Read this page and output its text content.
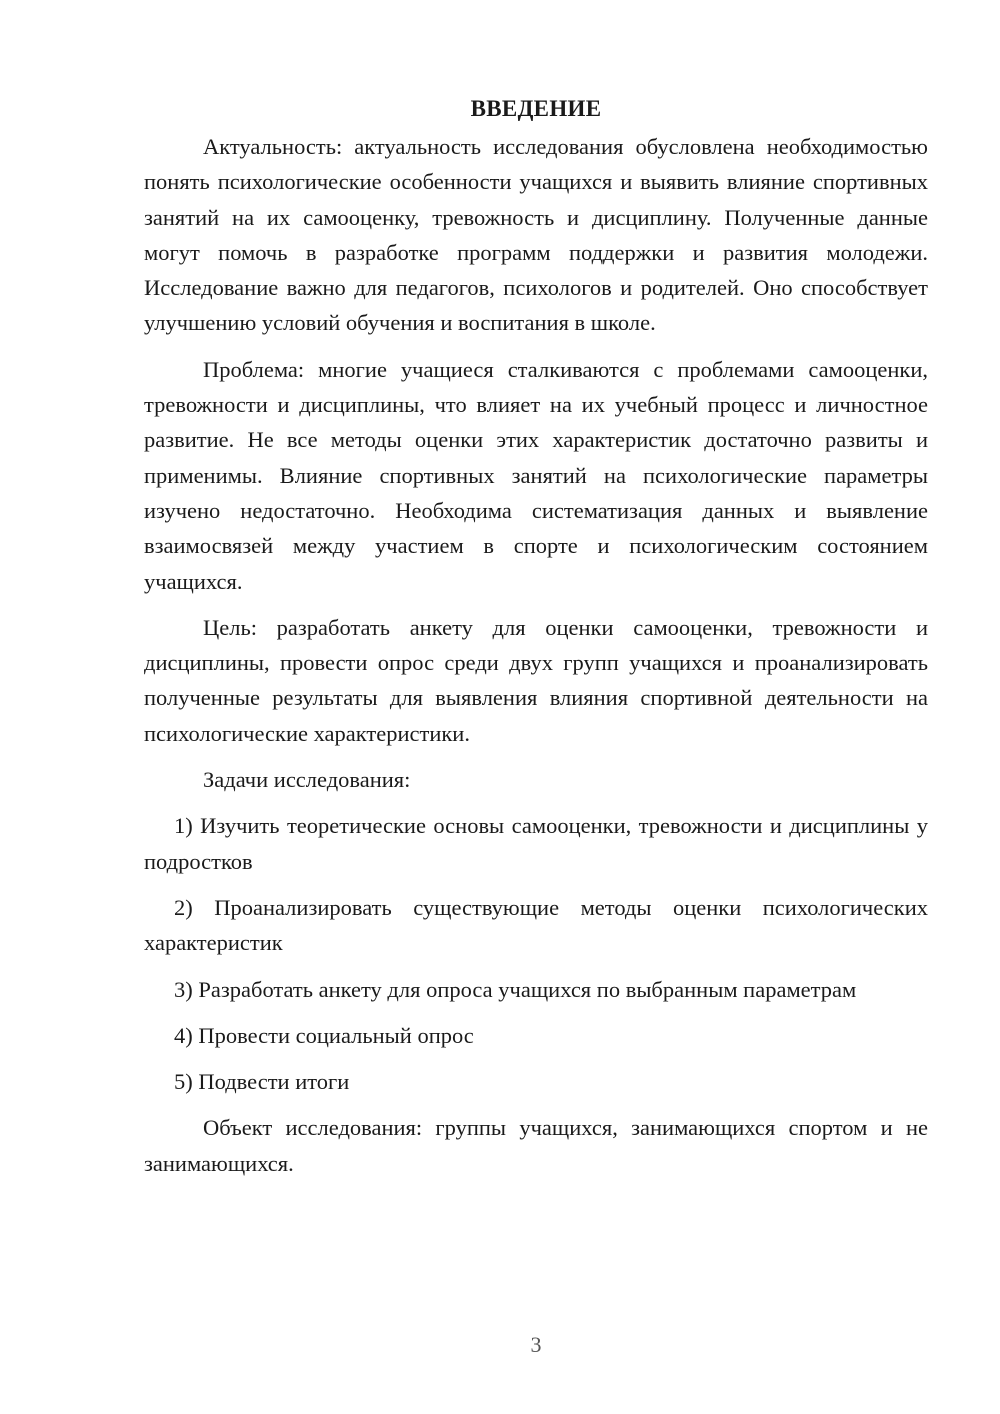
ВВЕДЕНИЕ

Актуальность: актуальность исследования обусловлена необходимостью понять психологические особенности учащихся и выявить влияние спортивных занятий на их самооценку, тревожность и дисциплину. Полученные данные могут помочь в разработке программ поддержки и развития молодежи. Исследование важно для педагогов, психологов и родителей. Оно способствует улучшению условий обучения и воспитания в школе.

Проблема: многие учащиеся сталкиваются с проблемами самооценки, тревожности и дисциплины, что влияет на их учебный процесс и личностное развитие. Не все методы оценки этих характеристик достаточно развиты и применимы. Влияние спортивных занятий на психологические параметры изучено недостаточно. Необходима систематизация данных и выявление взаимосвязей между участием в спорте и психологическим состоянием учащихся.

Цель: разработать анкету для оценки самооценки, тревожности и дисциплины, провести опрос среди двух групп учащихся и проанализировать полученные результаты для выявления влияния спортивной деятельности на психологические характеристики.

Задачи исследования:

1) Изучить теоретические основы самооценки, тревожности и дисциплины у подростков

2) Проанализировать существующие методы оценки психологических характеристик

3) Разработать анкету для опроса учащихся по выбранным параметрам

4) Провести социальный опрос

5) Подвести итоги

Объект исследования: группы учащихся, занимающихся спортом и не занимающихся.

3
